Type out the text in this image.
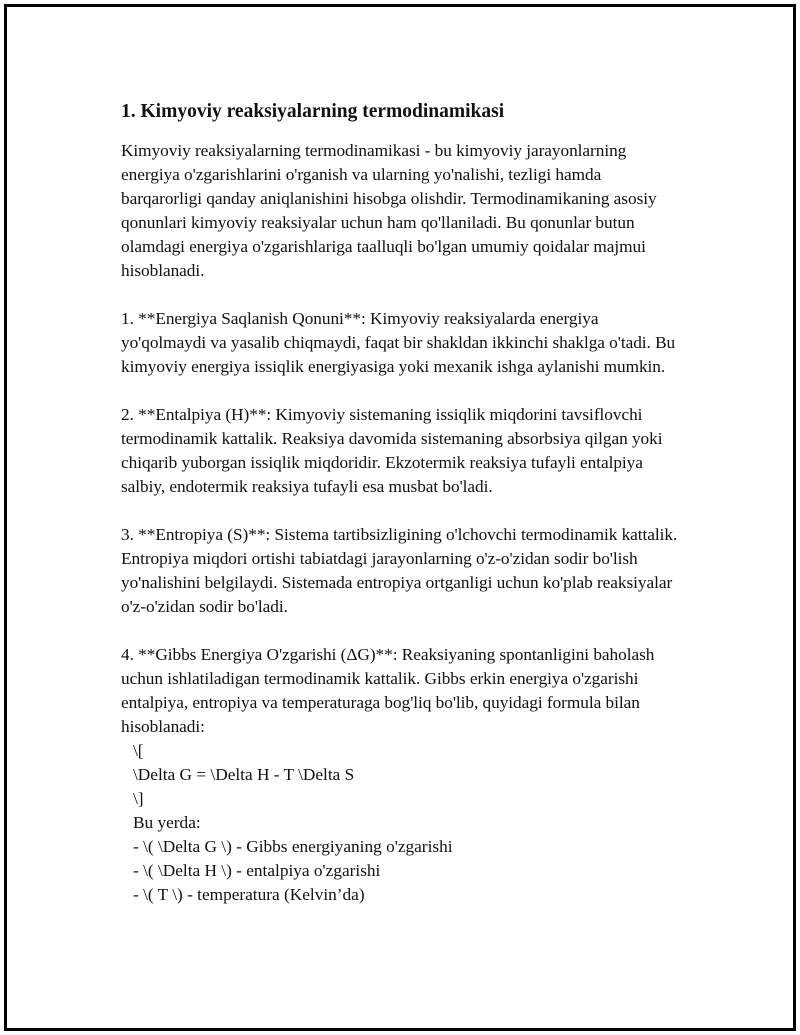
1. Kimyoviy reaksiyalarning termodinamikasi

Kimyoviy reaksiyalarning termodinamikasi - bu kimyoviy jarayonlarning energiya o'zgarishlarini o'rganish va ularning yo'nalishi, tezligi hamda barqarorligi qanday aniqlanishini hisobga olishdir. Termodinamikaning asosiy qonunlari kimyoviy reaksiyalar uchun ham qo'llaniladi. Bu qonunlar butun olamdagi energiya o'zgarishlariga taalluqli bo'lgan umumiy qoidalar majmui hisoblanadi.

1. **Energiya Saqlanish Qonuni**: Kimyoviy reaksiyalarda energiya yo'qolmaydi va yasalib chiqmaydi, faqat bir shakldan ikkinchi shaklga o'tadi. Bu kimyoviy energiya issiqlik energiyasiga yoki mexanik ishga aylanishi mumkin.

2. **Entalpiya (H)**: Kimyoviy sistemaning issiqlik miqdorini tavsiflovchi termodinamik kattalik. Reaksiya davomida sistemaning absorbsiya qilgan yoki chiqarib yuborgan issiqlik miqdoridir. Ekzotermik reaksiya tufayli entalpiya salbiy, endotermik reaksiya tufayli esa musbat bo'ladi.

3. **Entropiya (S)**: Sistema tartibsizligining o'lchovchi termodinamik kattalik. Entropiya miqdori ortishi tabiatdagi jarayonlarning o'z-o'zidan sodir bo'lish yo'nalishini belgilaydi. Sistemada entropiya ortganligi uchun ko'plab reaksiyalar o'z-o'zidan sodir bo'ladi.

4. **Gibbs Energiya O'zgarishi (ΔG)**: Reaksiyaning spontanligini baholash uchun ishlatiladigan termodinamik kattalik. Gibbs erkin energiya o'zgarishi entalpiya, entropiya va temperaturaga bog'liq bo'lib, quyidagi formula bilan hisoblanadi:

\[
\Delta G = \Delta H - T \Delta S
\]
Bu yerda:
- \( \Delta G \) - Gibbs energiyaning o'zgarishi
- \( \Delta H \) - entalpiya o'zgarishi
- \( T \) - temperatura (Kelvin’da)
